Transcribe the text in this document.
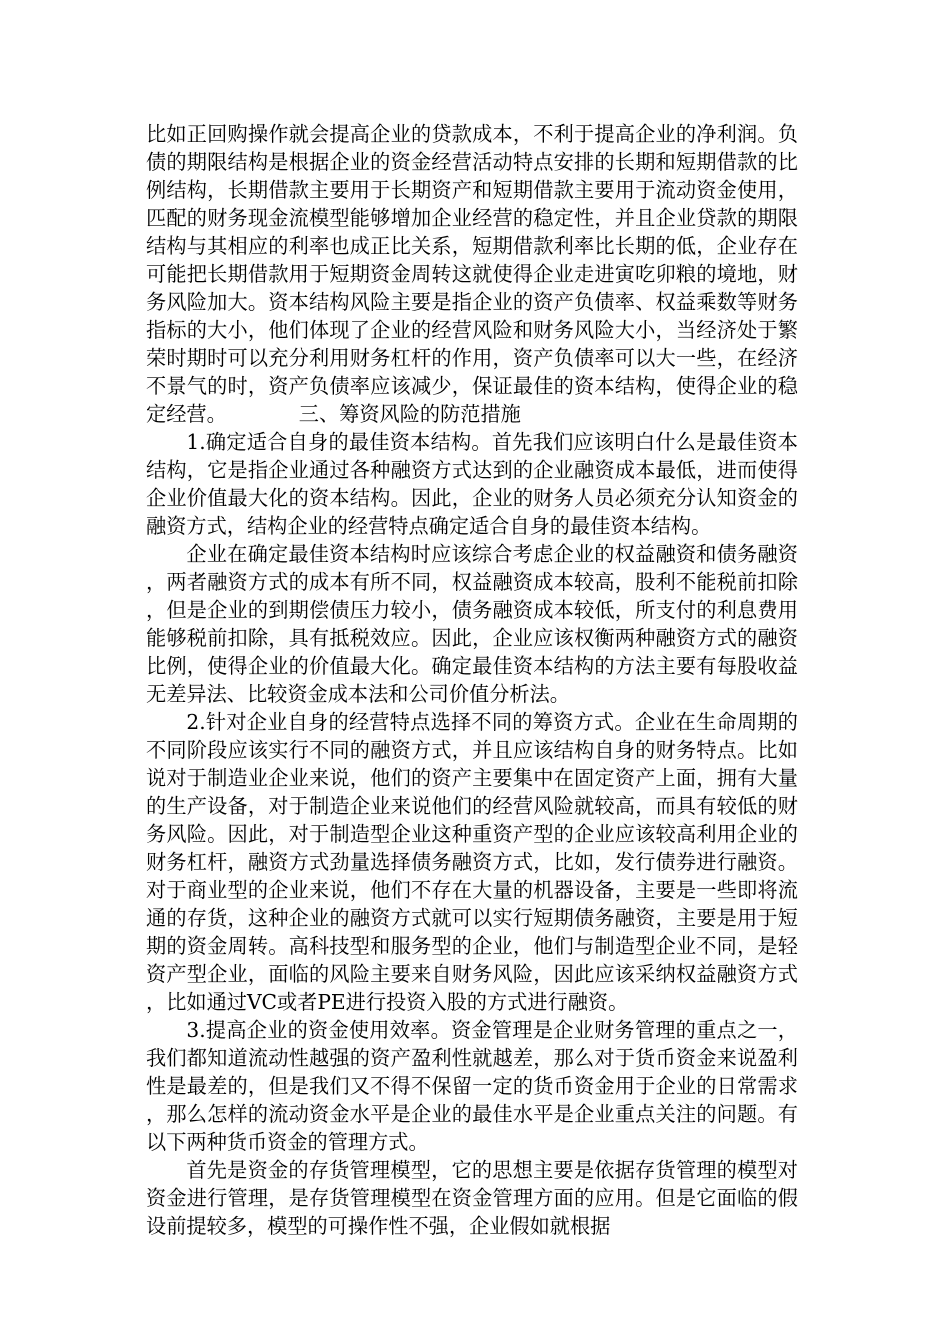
比如正回购操作就会提高企业的贷款成本，不利于提高企业的净利润。负债的期限结构是根据企业的资金经营活动特点安排的长期和短期借款的比例结构，长期借款主要用于长期资产和短期借款主要用于流动资金使用，匹配的财务现金流模型能够增加企业经营的稳定性，并且企业贷款的期限结构与其相应的利率也成正比关系，短期借款利率比长期的低，企业存在可能把长期借款用于短期资金周转这就使得企业走进寅吃卯粮的境地，财务风险加大。资本结构风险主要是指企业的资产负债率、权益乘数等财务指标的大小，他们体现了企业的经营风险和财务风险大小，当经济处于繁荣时期时可以充分利用财务杠杆的作用，资产负债率可以大一些，在经济不景气的时，资产负债率应该减少，保证最佳的资本结构，使得企业的稳定经营。	三、筹资风险的防范措施

1.确定适合自身的最佳资本结构。首先我们应该明白什么是最佳资本结构，它是指企业通过各种融资方式达到的企业融资成本最低，进而使得企业价值最大化的资本结构。因此，企业的财务人员必须充分认知资金的融资方式，结构企业的经营特点确定适合自身的最佳资本结构。

企业在确定最佳资本结构时应该综合考虑企业的权益融资和债务融资，两者融资方式的成本有所不同，权益融资成本较高，股利不能税前扣除，但是企业的到期偿债压力较小，债务融资成本较低，所支付的利息费用能够税前扣除，具有抵税效应。因此，企业应该权衡两种融资方式的融资比例，使得企业的价值最大化。确定最佳资本结构的方法主要有每股收益无差异法、比较资金成本法和公司价值分析法。

2.针对企业自身的经营特点选择不同的筹资方式。企业在生命周期的不同阶段应该实行不同的融资方式，并且应该结构自身的财务特点。比如说对于制造业企业来说，他们的资产主要集中在固定资产上面，拥有大量的生产设备，对于制造企业来说他们的经营风险就较高，而具有较低的财务风险。因此，对于制造型企业这种重资产型的企业应该较高利用企业的财务杠杆，融资方式劲量选择债务融资方式，比如，发行债券进行融资。对于商业型的企业来说，他们不存在大量的机器设备，主要是一些即将流通的存货，这种企业的融资方式就可以实行短期债务融资，主要是用于短期的资金周转。高科技型和服务型的企业，他们与制造型企业不同，是轻资产型企业，面临的风险主要来自财务风险，因此应该采纳权益融资方式，比如通过VC或者PE进行投资入股的方式进行融资。

3.提高企业的资金使用效率。资金管理是企业财务管理的重点之一，我们都知道流动性越强的资产盈利性就越差，那么对于货币资金来说盈利性是最差的，但是我们又不得不保留一定的货币资金用于企业的日常需求，那么怎样的流动资金水平是企业的最佳水平是企业重点关注的问题。有以下两种货币资金的管理方式。

首先是资金的存货管理模型，它的思想主要是依据存货管理的模型对资金进行管理，是存货管理模型在资金管理方面的应用。但是它面临的假设前提较多，模型的可操作性不强，企业假如就根据
